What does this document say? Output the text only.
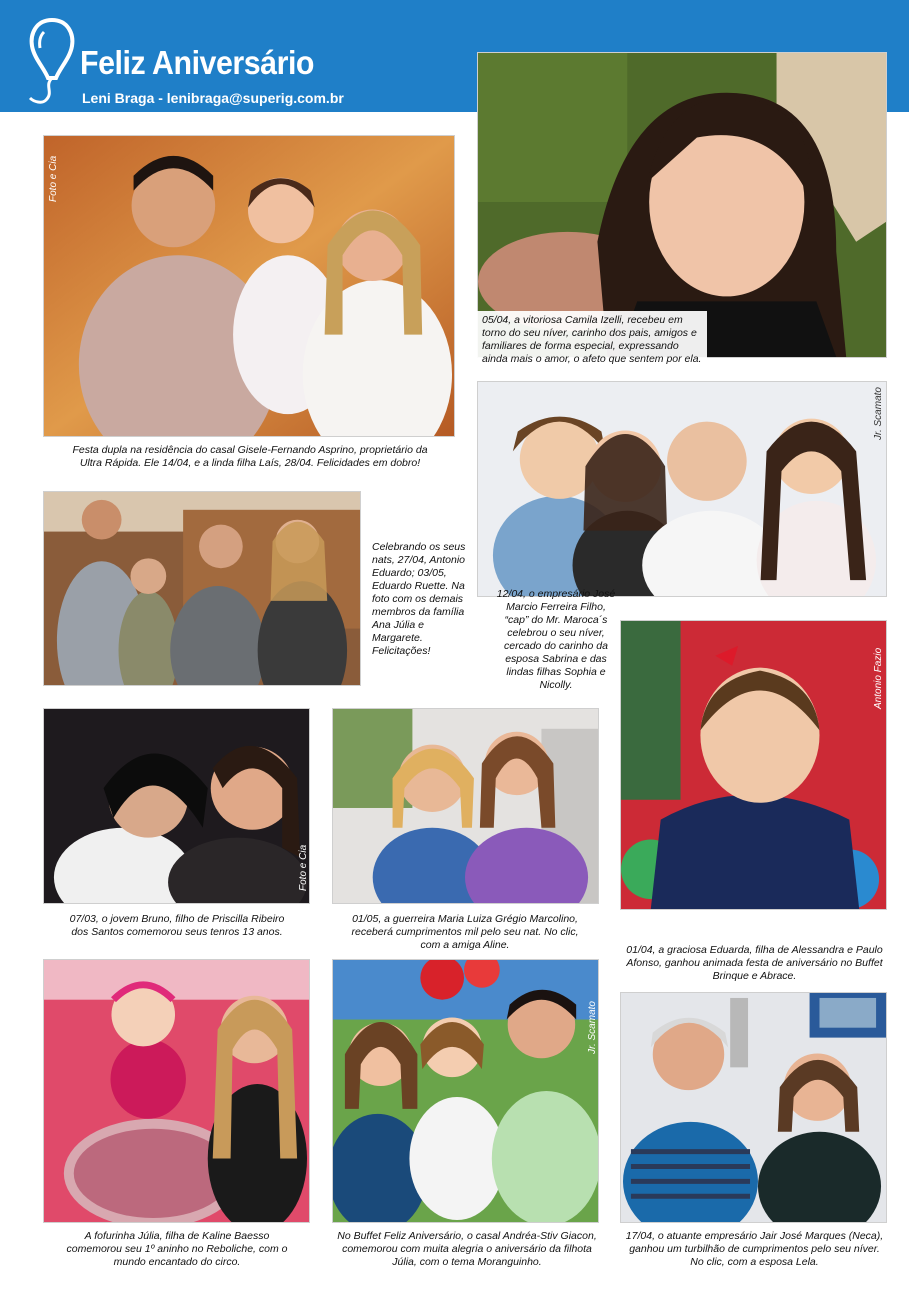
Feliz Aniversário
Leni Braga - lenibraga@superig.com.br
Foto e Cia
Festa dupla na residência do casal Gisele-Fernando Asprino, proprietário da Ultra Rápida. Ele 14/04, e a linda filha Laís, 28/04. Felicidades em dobro!
05/04, a vitoriosa Camila Izelli, recebeu em torno do seu níver, carinho dos pais, amigos e familiares de forma especial, expressando ainda mais o amor, o afeto que sentem por ela.
Celebrando os seus nats, 27/04, Antonio Eduardo; 03/05, Eduardo Ruette. Na foto com os demais membros da família Ana Júlia e Margarete. Felicitações!
Jr. Scamato
12/04, o empresário José Marcio Ferreira Filho, “cap” do Mr. Maroca´s celebrou o seu níver, cercado do carinho da esposa Sabrina e das lindas filhas Sophia e Nicolly.	Antonio Fazio
01/04, a graciosa Eduarda, filha de Alessandra e Paulo Afonso, ganhou animada festa de aniversário no Buffet Brinque e Abrace.
Foto e Cia
07/03, o jovem Bruno, filho de Priscilla Ribeiro dos Santos comemorou seus tenros 13 anos.
01/05, a guerreira Maria Luiza Grégio Marcolino, receberá cumprimentos mil pelo seu nat. No clic, com a amiga Aline.
A fofurinha Júlia, filha de Kaline Baesso comemorou seu 1º aninho no Reboliche, com o mundo encantado do circo.
Jr. Scamato
No Buffet Feliz Aniversário, o casal Andréa-Stiv Giacon, comemorou com muita alegria o aniversário da filhota Júlia, com o tema Moranguinho.
17/04, o atuante empresário Jair José Marques (Neca), ganhou um turbilhão de cumprimentos pelo seu níver. No clic, com a esposa Lela.
